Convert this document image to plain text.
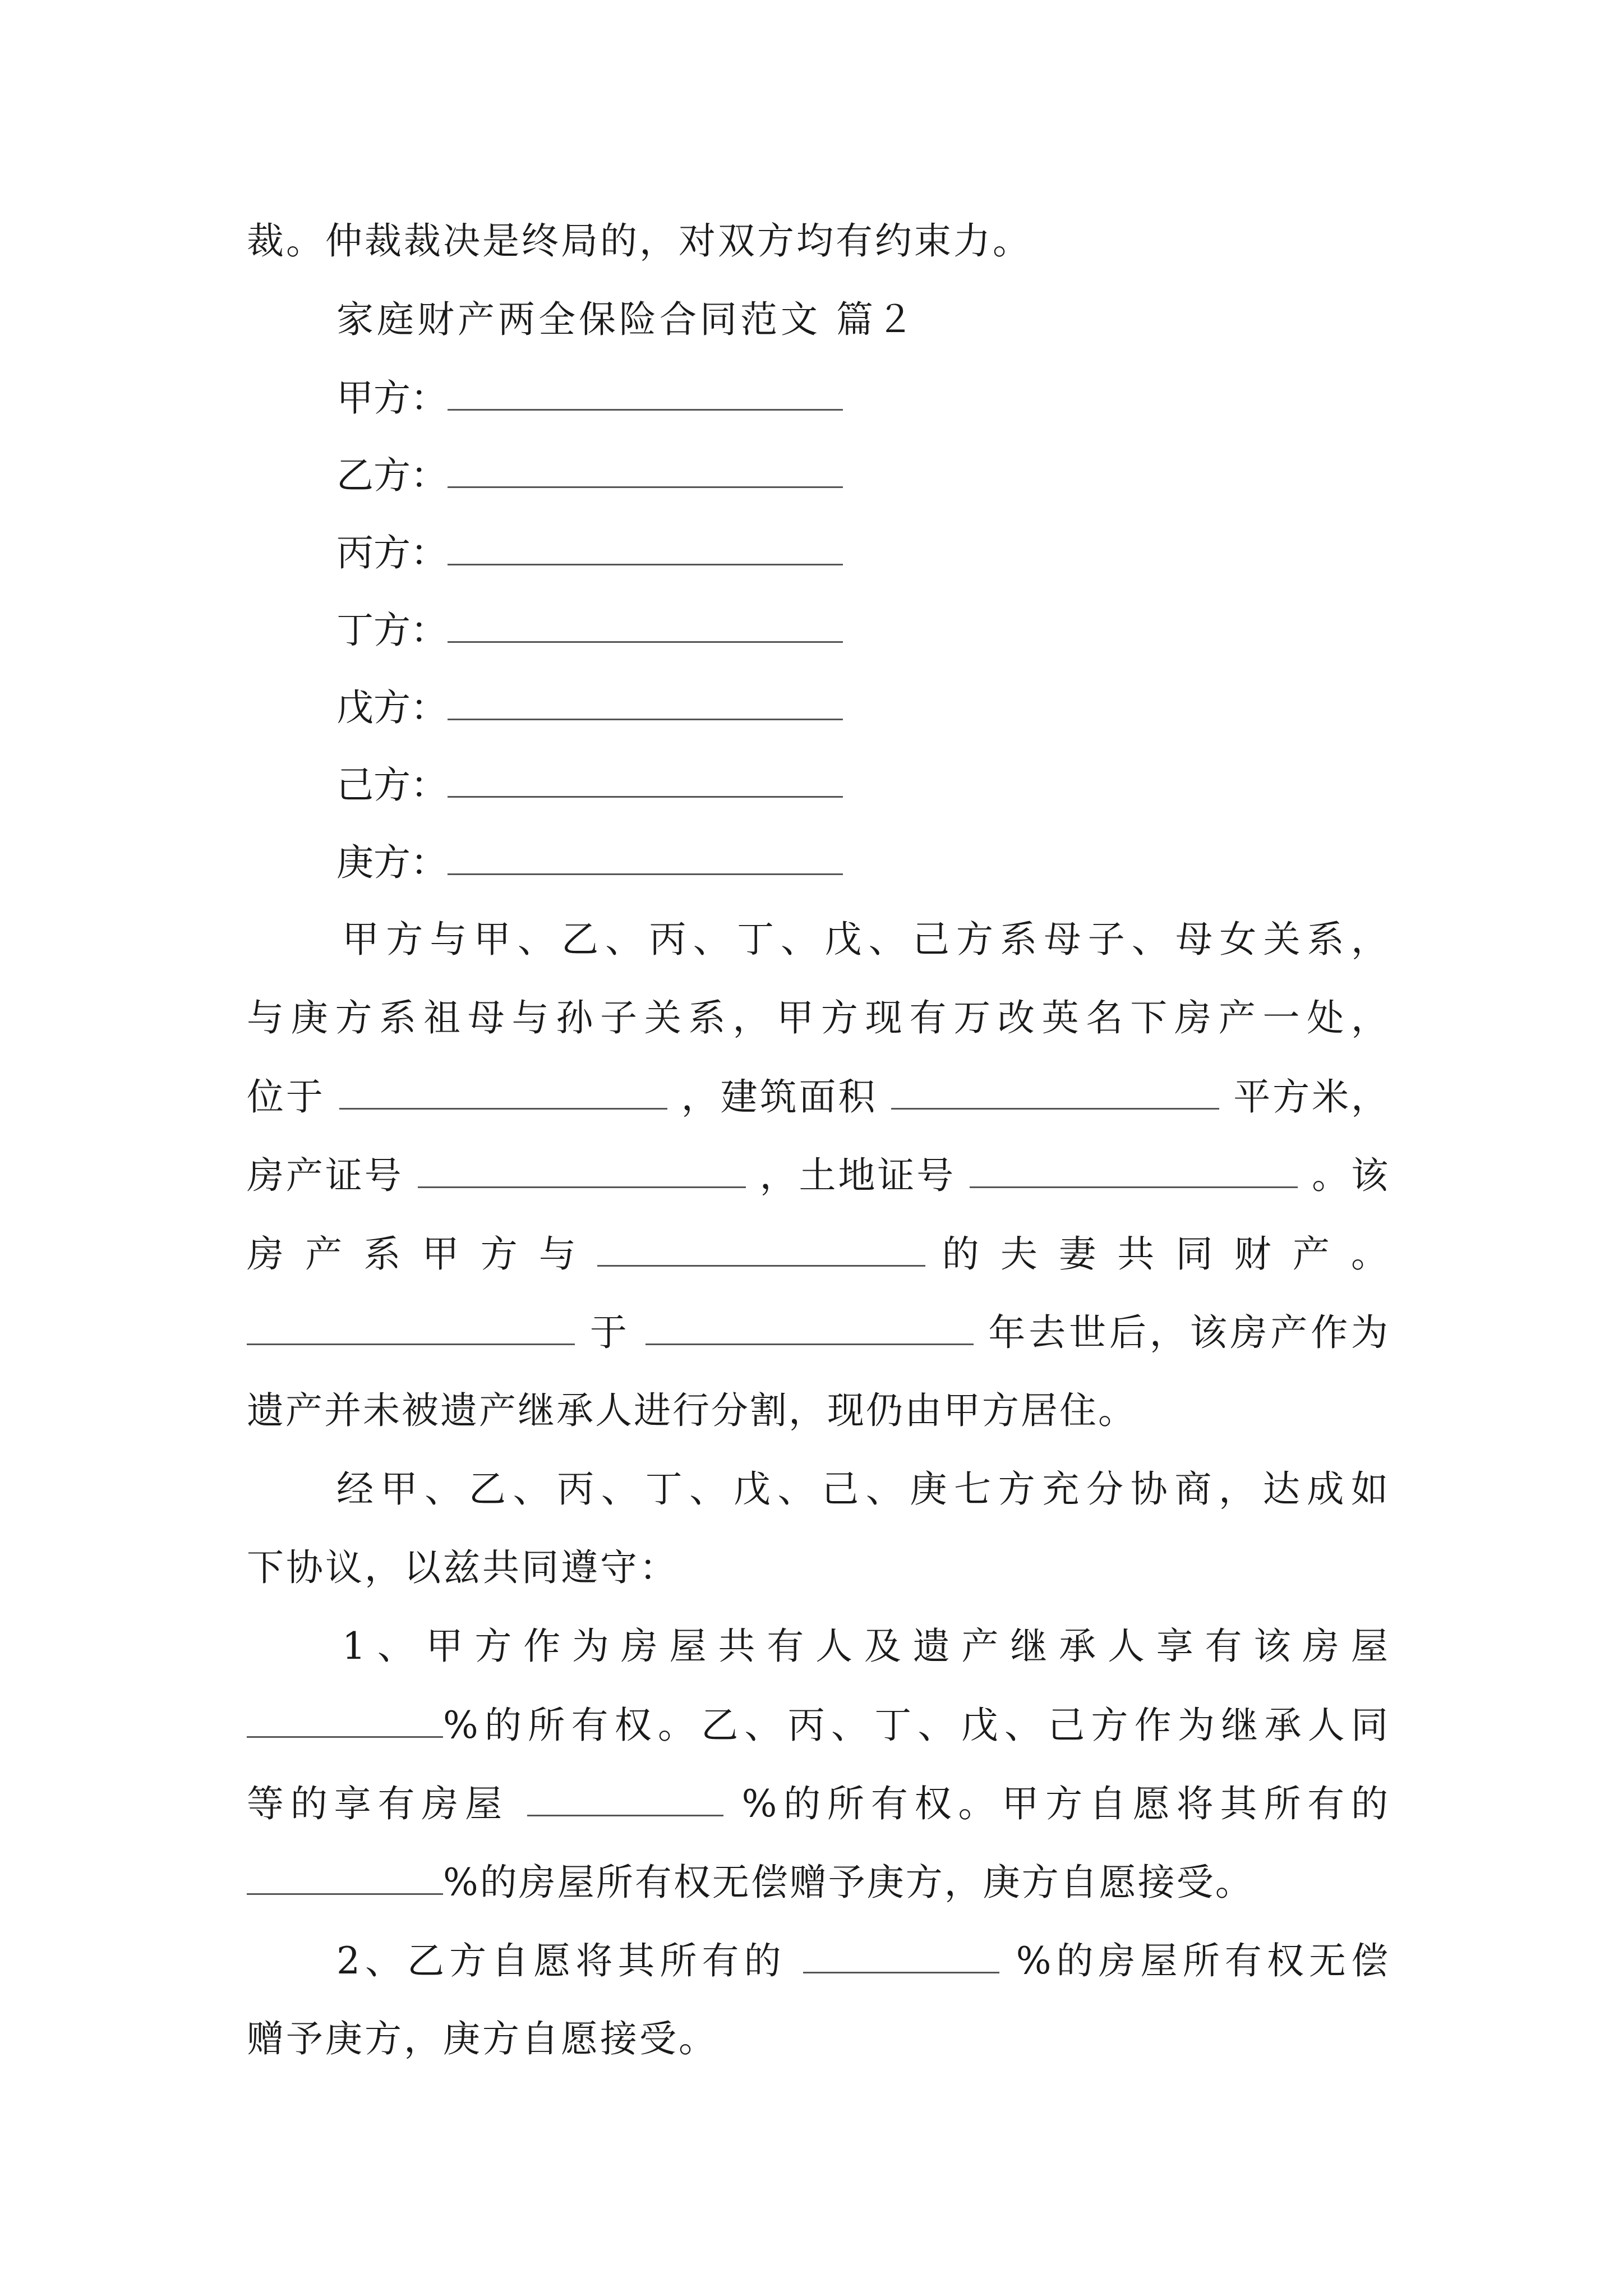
裁。仲裁裁决是终局的，对双方均有约束力。
家庭财产两全保险合同范文 篇２
甲方：
乙方：
丙方：
丁方：
戊方：
己方：
庚方：
甲方与甲、乙、丙、丁、戊、己方系母子、母女关系，
与庚方系祖母与孙子关系，甲方现有万改英名下房产一处，
位于	，建筑面积	平方米，
房产证号	，土地证号	。该
房 产 系 甲 方 与	的 夫 妻 共 同 财 产 。
于	年去世后，该房产作为
遗产并未被遗产继承人进行分割，现仍由甲方居住。
经甲、乙、丙、丁、戊、己、庚七方充分协商，达成如
下协议，以兹共同遵守：
1、甲方作为房屋共有人及遗产继承人享有该房屋
%的所有权。乙、丙、丁、戊、己方作为继承人同
等的享有房屋	%的所有权。甲方自愿将其所有的
%的房屋所有权无偿赠予庚方，庚方自愿接受。
2、乙方自愿将其所有的	%的房屋所有权无偿
赠予庚方，庚方自愿接受。
